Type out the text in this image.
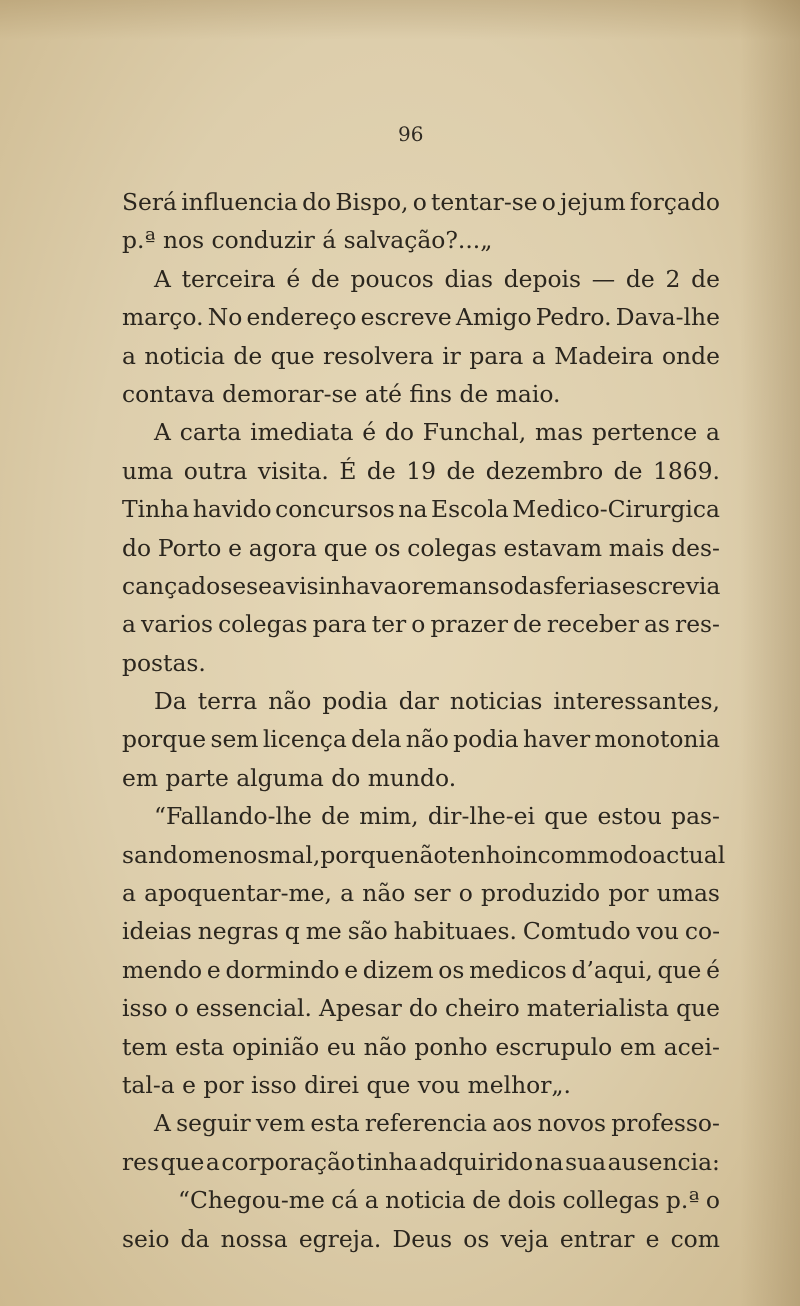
96
Será influencia do Bispo, o tentar-se o jejum forçado
p.ª nos conduzir á salvação?...„
A terceira é de poucos dias depois — de 2 de
março. No endereço escreve Amigo Pedro. Dava-lhe
a noticia de que resolvera ir para a Madeira onde
contava demorar-se até fins de maio.
A carta imediata é do Funchal, mas pertence a
uma outra visita. É de 19 de dezembro de 1869.
Tinha havido concursos na Escola Medico-Cirurgica
do Porto e agora que os colegas estavam mais des-
cançados e se avisinhava o remanso das ferias escrevia
a varios colegas para ter o prazer de receber as res-
postas.
Da terra não podia dar noticias interessantes,
porque sem licença dela não podia haver monotonia
em parte alguma do mundo.
“Fallando-lhe de mim, dir-lhe-ei que estou pas-
sando menos mal, porque não tenho incommodo actual
a apoquentar-me, a não ser o produzido por umas
ideias negras q me são habituaes. Comtudo vou co-
mendo e dormindo e dizem os medicos d’aqui, que é
isso o essencial. Apesar do cheiro materialista que
tem esta opinião eu não ponho escrupulo em acei-
tal-a e por isso direi que vou melhor„.
A seguir vem esta referencia aos novos professo-
res que a corporação tinha adquirido na sua ausencia:
“Chegou-me cá a noticia de dois collegas p.ª o
seio da nossa egreja. Deus os veja entrar e com
